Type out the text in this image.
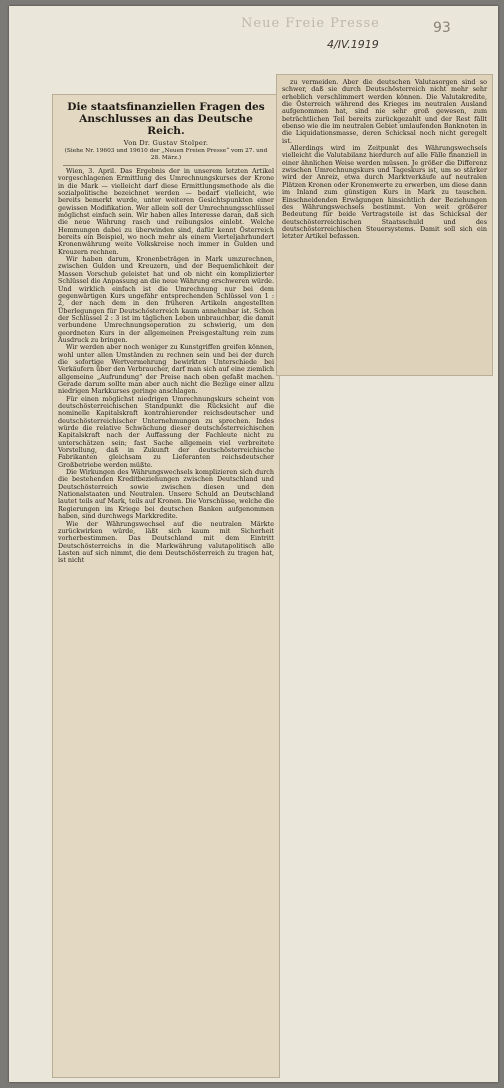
Neue Freie Presse	93
4/IV.1919
Die staatsfinanziellen Fragen des Anschlusses an das Deutsche Reich.
Von Dr. Gustav Stolper.
(Siehe Nr. 19603 und 19610 der „Neuen Freien Presse“ vom 27. und 28. März.)

Wien, 3. April. Das Ergebnis der in unserem letzten Artikel vorgeschlagenen Ermittlung des Umrechnungskurses der Krone in die Mark — vielleicht darf diese Ermittlungsmethode als die sozialpolitische bezeichnet werden — bedarf vielleicht, wie bereits bemerkt wurde, unter weiteren Gesichtspunkten einer gewissen Modifikation. Wer allein soll der Umrechnungsschlüssel möglichst einfach sein. Wir haben alles Interesse daran, daß sich die neue Währung rasch und reibungslos einlebt. Welche Hemmungen dabei zu überwinden sind, dafür kennt Österreich bereits ein Beispiel, wo noch mehr als einem Vierteljahrhundert Kronenwährung weite Volkskreise noch immer in Gulden und Kreuzern rechnen.

Wir haben darum, Kronenbeträgen in Mark umzurechnen, zwischen Gulden und Kreuzern, und der Bequemlichkeit der Massen Vorschub geleistet hat und ob nicht ein komplizierter Schlüssel die Anpassung an die neue Währung erschweren würde. Und wirklich einfach ist die Umrechnung nur bei dem gegenwärtigen Kurs ungefähr entsprechenden Schlüssel von 1 : 2, der nach dem in den früheren Artikeln angestellten Überlegungen für Deutschösterreich kaum annehmbar ist. Schon der Schlüssel 2 : 3 ist im täglichen Leben unbrauchbar, die damit verbundene Umrechnungsoperation zu schwierig, um den geordneten Kurs in der allgemeinen Preisgestaltung rein zum Ausdruck zu bringen.

Wir werden aber noch weniger zu Kunstgriffen greifen können, wohl unter allen Umständen zu rechnen sein und bei der durch die sofortige Wertvermehrung bewirkten Unterschiede bei Verkäufern über den Verbraucher, darf man sich auf eine ziemlich allgemeine „Aufrundung“ der Preise nach oben gefaßt machen. Gerade darum sollte man aber auch nicht die Bezüge einer allzu niedrigen Markkurses geringe anschlagen.

Für einen möglichst niedrigen Umrechnungskurs scheint von deutschösterreichischen Standpunkt die Rücksicht auf die nominelle Kapitalskraft kontrahierender reichsdeutscher und deutschösterreichischer Unternehmungen zu sprechen. Indes würde die relative Schwächung dieser deutschösterreichischen Kapitalskraft nach der Auffassung der Fachleute nicht zu unterschätzen sein; fast Sache allgemein viel verbreitete Vorstellung, daß in Zukunft der deutschösterreichische Fabrikanten gleichsam zu Lieferanten reichsdeutscher Großbetriebe werden müßte.

Die Wirkungen des Währungswechsels komplizieren sich durch die bestehenden Kreditbeziehungen zwischen Deutschland und Deutschösterreich sowie zwischen diesen und den Nationalstaaten und Neutralen. Unsere Schuld an Deutschland lautet teils auf Mark, teils auf Kronen. Die Vorschüsse, welche die Regierungen im Kriege bei deutschen Banken aufgenommen haben, sind durchwegs Markkredite.

Wie der Währungswechsel auf die neutralen Märkte zurückwirken würde, läßt sich kaum mit Sicherheit vorherbestimmen. Das Deutschland mit dem Eintritt Deutschösterreichs in die Markwährung valutapolitisch alle Lasten auf sich nimmt, die dem Deutschösterreich zu tragen hat, ist nicht

zu vermeiden. Aber die deutschen Valutasorgen sind so schwer, daß sie durch Deutschösterreich nicht mehr sehr erheblich verschlimmert werden können. Die Valutakredite, die Österreich während des Krieges im neutralen Ausland aufgenommen hat, sind nie sehr groß gewesen, zum beträchtlichen Teil bereits zurückgezahlt und der Rest fällt ebenso wie die im neutralen Gebiet umlaufenden Banknoten in die Liquidationsmasse, deren Schicksal noch nicht geregelt ist.

Allerdings wird im Zeitpunkt des Währungswechsels vielleicht die Valutabilanz hierdurch auf alle Fälle finanziell in einer ähnlichen Weise werden müssen. Je größer die Differenz zwischen Umrechnungskurs und Tageskurs ist, um so stärker wird der Anreiz, etwa durch Marktverkäufe auf neutralen Plätzen Kronen oder Kronenwerte zu erwerben, um diese dann im Inland zum günstigen Kurs in Mark zu tauschen. Einschneidenden Erwägungen hinsichtlich der Beziehungen des Währungswechsels bestimmt. Von weit größerer Bedeutung für beide Vertragsteile ist das Schicksal der deutschösterreichischen Staatsschuld und des deutschösterreichischen Steuersystems. Damit soll sich ein letzter Artikel befassen.
